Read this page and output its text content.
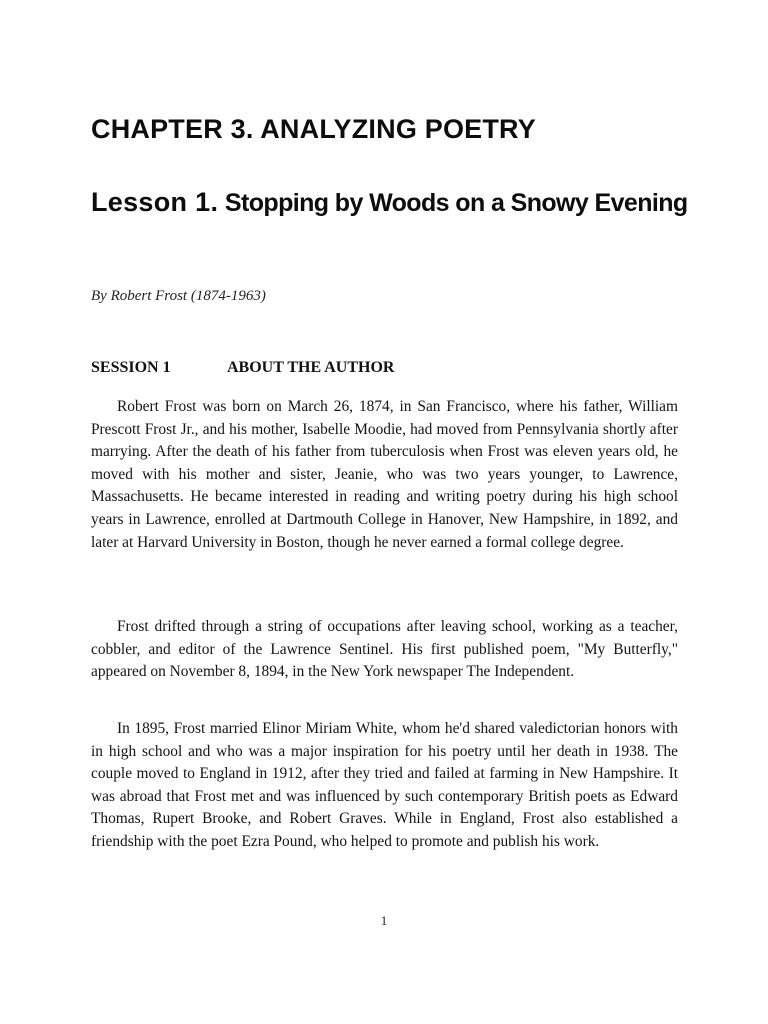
CHAPTER 3. ANALYZING POETRY
Lesson 1. Stopping by Woods on a Snowy Evening

By Robert Frost (1874-1963)

SESSION 1	ABOUT THE AUTHOR

Robert Frost was born on March 26, 1874, in San Francisco, where his father, William Prescott Frost Jr., and his mother, Isabelle Moodie, had moved from Pennsylvania shortly after marrying. After the death of his father from tuberculosis when Frost was eleven years old, he moved with his mother and sister, Jeanie, who was two years younger, to Lawrence, Massachusetts. He became interested in reading and writing poetry during his high school years in Lawrence, enrolled at Dartmouth College in Hanover, New Hampshire, in 1892, and later at Harvard University in Boston, though he never earned a formal college degree.

Frost drifted through a string of occupations after leaving school, working as a teacher, cobbler, and editor of the Lawrence Sentinel. His first published poem, "My Butterfly," appeared on November 8, 1894, in the New York newspaper The Independent.

In 1895, Frost married Elinor Miriam White, whom he'd shared valedictorian honors with in high school and who was a major inspiration for his poetry until her death in 1938. The couple moved to England in 1912, after they tried and failed at farming in New Hampshire. It was abroad that Frost met and was influenced by such contemporary British poets as Edward Thomas, Rupert Brooke, and Robert Graves. While in England, Frost also established a friendship with the poet Ezra Pound, who helped to promote and publish his work.

1
